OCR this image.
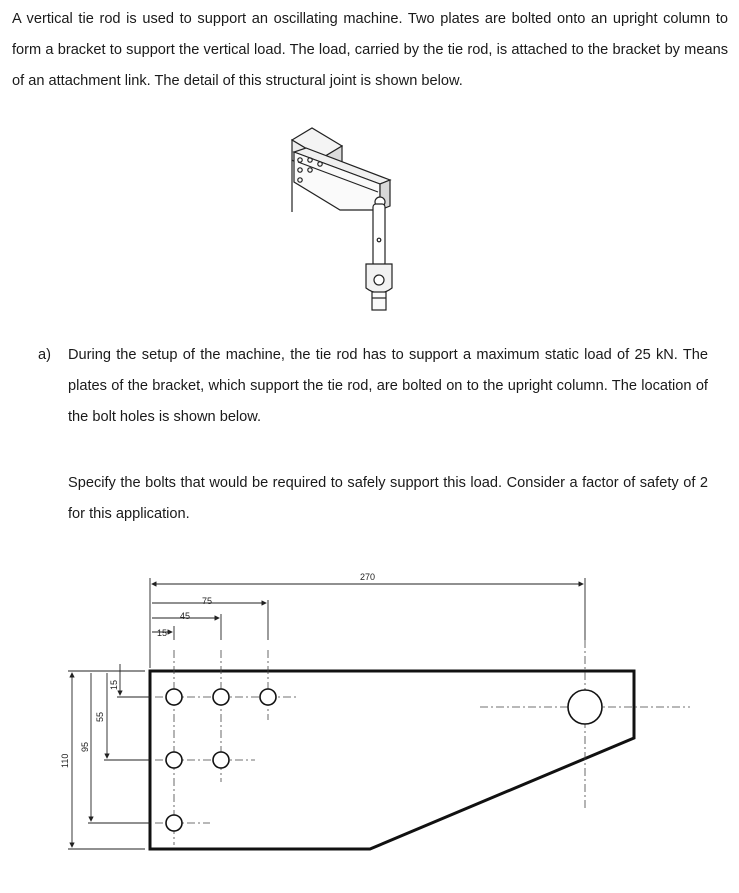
A vertical tie rod is used to support an oscillating machine. Two plates are bolted onto an upright column to form a bracket to support the vertical load. The load, carried by the tie rod, is attached to the bracket by means of an attachment link. The detail of this structural joint is shown below.

a) During the setup of the machine, the tie rod has to support a maximum static load of 25 kN. The plates of the bracket, which support the tie rod, are bolted on to the upright column. The location of the bolt holes is shown below.

Specify the bolts that would be required to safely support this load. Consider a factor of safety of 2 for this application.

270
75
45
15
110
95
55
15
